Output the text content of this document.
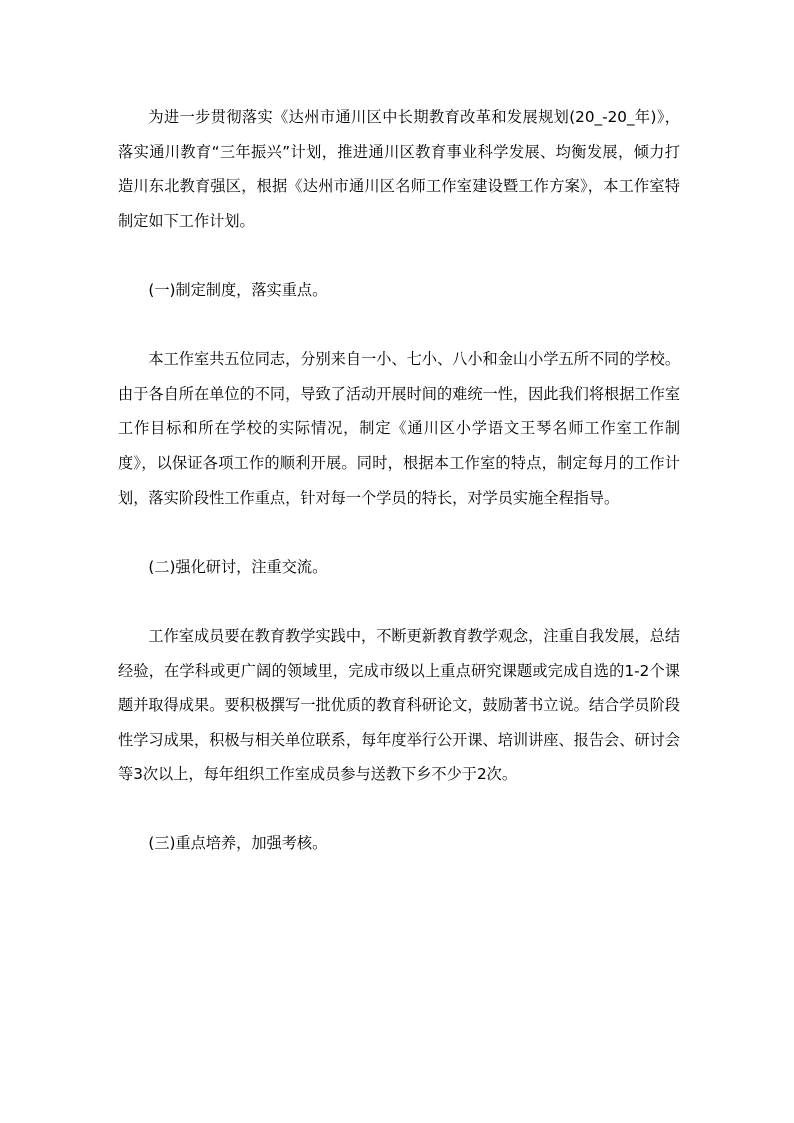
为进一步贯彻落实《达州市通川区中长期教育改革和发展规划(20_-20_年)》，落实通川教育“三年振兴”计划，推进通川区教育事业科学发展、均衡发展，倾力打造川东北教育强区，根据《达州市通川区名师工作室建设暨工作方案》，本工作室特制定如下工作计划。

(一)制定制度，落实重点。

本工作室共五位同志，分别来自一小、七小、八小和金山小学五所不同的学校。由于各自所在单位的不同，导致了活动开展时间的难统一性，因此我们将根据工作室工作目标和所在学校的实际情况，制定《通川区小学语文王琴名师工作室工作制度》，以保证各项工作的顺利开展。同时，根据本工作室的特点，制定每月的工作计划，落实阶段性工作重点，针对每一个学员的特长，对学员实施全程指导。

(二)强化研讨，注重交流。

工作室成员要在教育教学实践中，不断更新教育教学观念，注重自我发展，总结经验，在学科或更广阔的领域里，完成市级以上重点研究课题或完成自选的1-2个课题并取得成果。要积极撰写一批优质的教育科研论文，鼓励著书立说。结合学员阶段性学习成果，积极与相关单位联系，每年度举行公开课、培训讲座、报告会、研讨会等3次以上，每年组织工作室成员参与送教下乡不少于2次。

(三)重点培养，加强考核。
